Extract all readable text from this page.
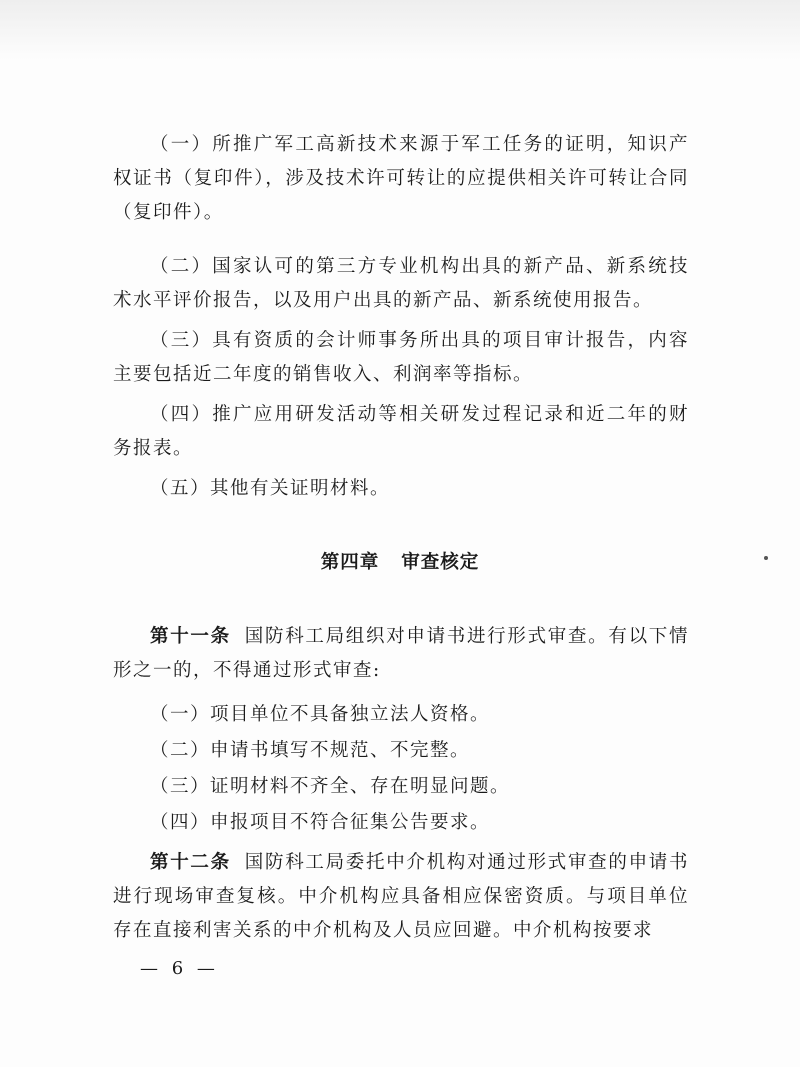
（一）所推广军工高新技术来源于军工任务的证明，知识产权证书（复印件），涉及技术许可转让的应提供相关许可转让合同（复印件）。

（二）国家认可的第三方专业机构出具的新产品、新系统技术水平评价报告，以及用户出具的新产品、新系统使用报告。

（三）具有资质的会计师事务所出具的项目审计报告，内容主要包括近二年度的销售收入、利润率等指标。

（四）推广应用研发活动等相关研发过程记录和近二年的财务报表。

（五）其他有关证明材料。

第四章 审查核定

第十一条 国防科工局组织对申请书进行形式审查。有以下情形之一的，不得通过形式审查:

（一）项目单位不具备独立法人资格。

（二）申请书填写不规范、不完整。

（三）证明材料不齐全、存在明显问题。

（四）申报项目不符合征集公告要求。

第十二条 国防科工局委托中介机构对通过形式审查的申请书进行现场审查复核。中介机构应具备相应保密资质。与项目单位存在直接利害关系的中介机构及人员应回避。中介机构按要求

— 6 —
